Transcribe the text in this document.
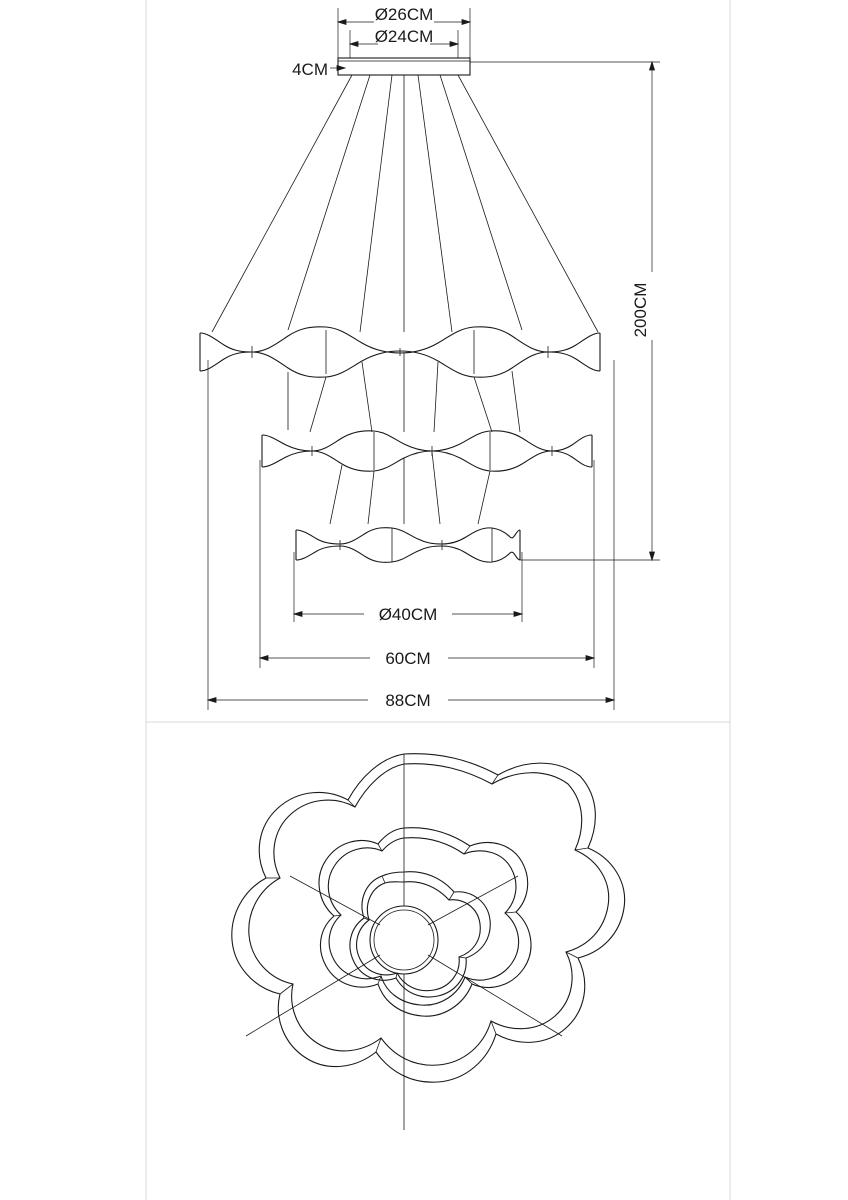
Ø26CM
Ø24CM
4CM
200CM
Ø40CM
60CM
88CM
